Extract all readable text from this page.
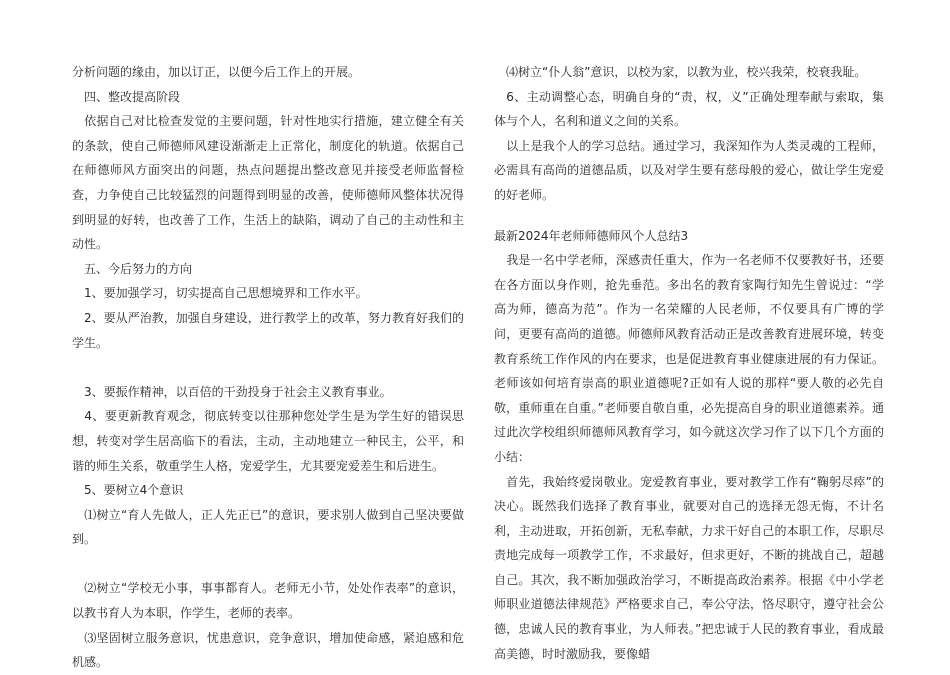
分析问题的缘由，加以订正，以便今后工作上的开展。

　四、整改提高阶段

　依据自己对比检查发觉的主要问题，针对性地实行措施，建立健全有关的条款，使自己师德师风建设渐渐走上正常化，制度化的轨道。依据自己在师德师风方面突出的问题，热点问题提出整改意见并接受老师监督检查，力争使自己比较猛烈的问题得到明显的改善，使师德师风整体状况得到明显的好转，也改善了工作，生活上的缺陷，调动了自己的主动性和主动性。

　五、今后努力的方向

　1、要加强学习，切实提高自己思想境界和工作水平。

　2、要从严治教，加强自身建设，进行教学上的改革，努力教育好我们的学生。

　3、要振作精神，以百倍的干劲投身于社会主义教育事业。

　4、要更新教育观念，彻底转变以往那种您处学生是为学生好的错误思想，转变对学生居高临下的看法，主动，主动地建立一种民主，公平，和谐的师生关系，敬重学生人格，宠爱学生，尤其要宠爱差生和后进生。

　5、要树立4个意识

　⑴树立“育人先做人，正人先正已”的意识，要求别人做到自己坚决要做到。

　⑵树立“学校无小事，事事都育人。老师无小节，处处作表率”的意识，以教书育人为本职，作学生，老师的表率。

　⑶坚固树立服务意识，忧患意识，竞争意识，增加使命感，紧迫感和危机感。

　⑷树立“仆人翁”意识，以校为家，以教为业，校兴我荣，校衰我耻。

　6、主动调整心态，明确自身的“责，权，义”正确处理奉献与索取，集体与个人，名利和道义之间的关系。

　以上是我个人的学习总结。通过学习，我深知作为人类灵魂的工程师，必需具有高尚的道德品质，以及对学生要有慈母般的爱心，做让学生宠爱的好老师。

最新2024年老师师德师风个人总结3

　我是一名中学老师，深感责任重大，作为一名老师不仅要教好书，还要在各方面以身作则，抢先垂范。多出名的教育家陶行知先生曾说过：“学高为师，德高为范”。作为一名荣耀的人民老师，不仅要具有广博的学问，更要有高尚的道德。师德师风教育活动正是改善教育进展环境，转变教育系统工作作风的内在要求，也是促进教育事业健康进展的有力保证。老师该如何培育崇高的职业道德呢?正如有人说的那样“要人敬的必先自敬，重师重在自重。”老师要自敬自重，必先提高自身的职业道德素养。通过此次学校组织师德师风教育学习，如今就这次学习作了以下几个方面的小结：

　首先，我始终爱岗敬业。宠爱教育事业，要对教学工作有“鞠躬尽瘁”的决心。既然我们选择了教育事业，就要对自己的选择无怨无悔，不计名利，主动进取，开拓创新，无私奉献，力求干好自己的本职工作，尽职尽责地完成每一项教学工作，不求最好，但求更好，不断的挑战自己，超越自己。其次，我不断加强政治学习，不断提高政治素养。根据《中小学老师职业道德法律规范》严格要求自己，奉公守法，恪尽职守，遵守社会公德，忠诚人民的教育事业，为人师表。”把忠诚于人民的教育事业，看成最高美德，时时激励我，要像蜡
